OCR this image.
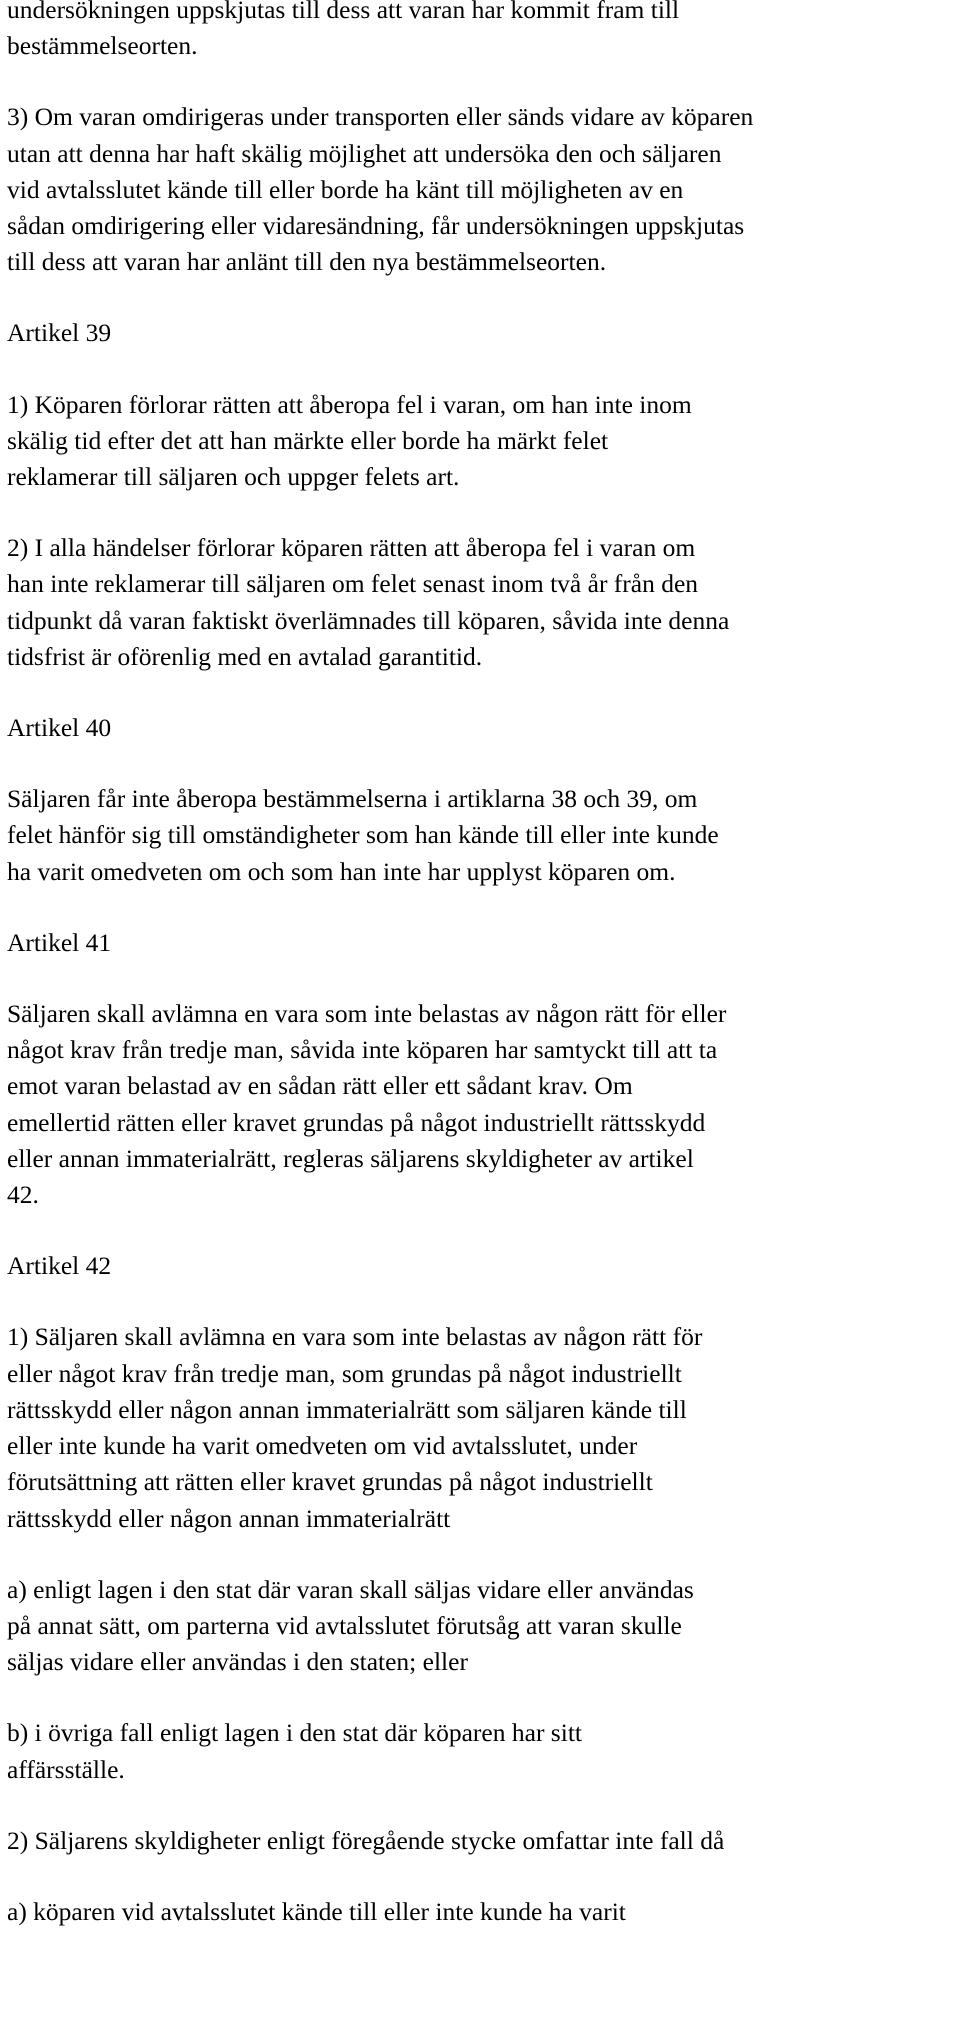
undersökningen uppskjutas till dess att varan har kommit fram till
bestämmelseorten.
3) Om varan omdirigeras under transporten eller sänds vidare av köparen
utan att denna har haft skälig möjlighet att undersöka den och säljaren
vid avtalsslutet kände till eller borde ha känt till möjligheten av en
sådan omdirigering eller vidaresändning, får undersökningen uppskjutas
till dess att varan har anlänt till den nya bestämmelseorten.
Artikel 39
1) Köparen förlorar rätten att åberopa fel i varan, om han inte inom
skälig tid efter det att han märkte eller borde ha märkt felet
reklamerar till säljaren och uppger felets art.
2) I alla händelser förlorar köparen rätten att åberopa fel i varan om
han inte reklamerar till säljaren om felet senast inom två år från den
tidpunkt då varan faktiskt överlämnades till köparen, såvida inte denna
tidsfrist är oförenlig med en avtalad garantitid.
Artikel 40
Säljaren får inte åberopa bestämmelserna i artiklarna 38 och 39, om
felet hänför sig till omständigheter som han kände till eller inte kunde
ha varit omedveten om och som han inte har upplyst köparen om.
Artikel 41
Säljaren skall avlämna en vara som inte belastas av någon rätt för eller
något krav från tredje man, såvida inte köparen har samtyckt till att ta
emot varan belastad av en sådan rätt eller ett sådant krav. Om
emellertid rätten eller kravet grundas på något industriellt rättsskydd
eller annan immaterialrätt, regleras säljarens skyldigheter av artikel
42.
Artikel 42
1) Säljaren skall avlämna en vara som inte belastas av någon rätt för
eller något krav från tredje man, som grundas på något industriellt
rättsskydd eller någon annan immaterialrätt som säljaren kände till
eller inte kunde ha varit omedveten om vid avtalsslutet, under
förutsättning att rätten eller kravet grundas på något industriellt
rättsskydd eller någon annan immaterialrätt
a) enligt lagen i den stat där varan skall säljas vidare eller användas
på annat sätt, om parterna vid avtalsslutet förutsåg att varan skulle
säljas vidare eller användas i den staten; eller
b) i övriga fall enligt lagen i den stat där köparen har sitt
affärsställe.
2) Säljarens skyldigheter enligt föregående stycke omfattar inte fall då
a) köparen vid avtalsslutet kände till eller inte kunde ha varit
